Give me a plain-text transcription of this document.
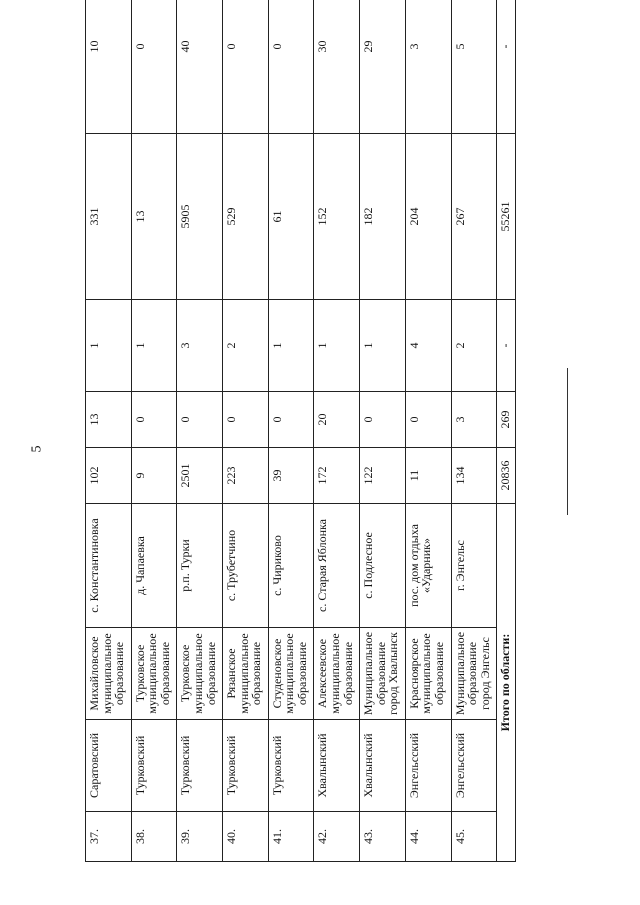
5
37.	Саратовский	Михайловское муниципальное образование	с. Константиновка	102	13	1	331	10	
38.	Турковский	Турковское муниципальное образование	д. Чапаевка	9	0	1	13	0	
39.	Турковский	Турковское муниципальное образование	р.п. Турки	2501	0	3	5905	40	
40.	Турковский	Рязанское муниципальное образование	с. Трубетчино	223	0	2	529	0	
41.	Турковский	Студеновское муниципальное образование	с. Чириково	39	0	1	61	0	
42.	Хвалынский	Алексеевское муниципальное образование	с. Старая Яблонка	172	20	1	152	30	
43.	Хвалынский	Муниципальное образование город Хвалынск	с. Подлесное	122	0	1	182	29	
44.	Энгельсский	Красноярское муниципальное образование	пос. дом отдыха «Ударник»	11	0	4	204	3	
45.	Энгельсский	Муниципальное образование город Энгельс	г. Энгельс	134	3	2	267	5	
Итого по области:				20836	269	-	55261	-	
